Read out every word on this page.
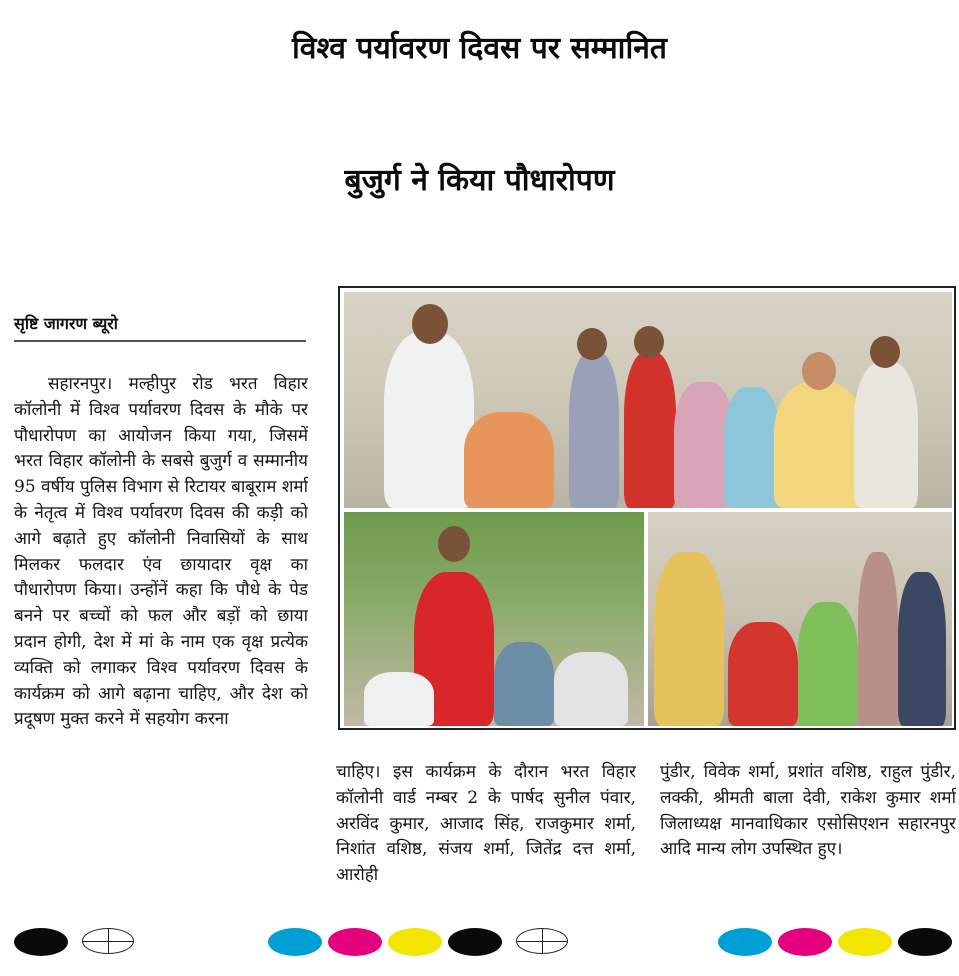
विश्व पर्यावरण दिवस पर सम्मानित
बुजुर्ग ने किया पौधारोपण
सृष्टि जागरण ब्यूरो

सहारनपुर। मल्हीपुर रोड भरत विहार कॉलोनी में विश्व पर्यावरण दिवस के मौके पर पौधारोपण का आयोजन किया गया, जिसमें भरत विहार कॉलोनी के सबसे बुजुर्ग व सम्मानीय 95 वर्षीय पुलिस विभाग से रिटायर बाबूराम शर्मा के नेतृत्व में विश्व पर्यावरण दिवस की कड़ी को आगे बढ़ाते हुए कॉलोनी निवासियों के साथ मिलकर फलदार एंव छायादार वृक्ष का पौधारोपण किया। उन्होंनें कहा कि पौधे के पेड बनने पर बच्चों को फल और बड़ों को छाया प्रदान होगी, देश में मां के नाम एक वृक्ष प्रत्येक व्यक्ति को लगाकर विश्व पर्यावरण दिवस के कार्यक्रम को आगे बढ़ाना चाहिए, और देश को प्रदूषण मुक्त करने में सहयोग करना

चाहिए। इस कार्यक्रम के दौरान भरत विहार कॉलोनी वार्ड नम्बर 2 के पार्षद सुनील पंवार, अरविंद कुमार, आजाद सिंह, राजकुमार शर्मा, निशांत वशिष्ठ, संजय शर्मा, जितेंद्र दत्त शर्मा, आरोही

पुंडीर, विवेक शर्मा, प्रशांत वशिष्ठ, राहुल पुंडीर, लक्की, श्रीमती बाला देवी, राकेश कुमार शर्मा जिलाध्यक्ष मानवाधिकार एसोसिएशन सहारनपुर आदि मान्य लोग उपस्थित हुए।
